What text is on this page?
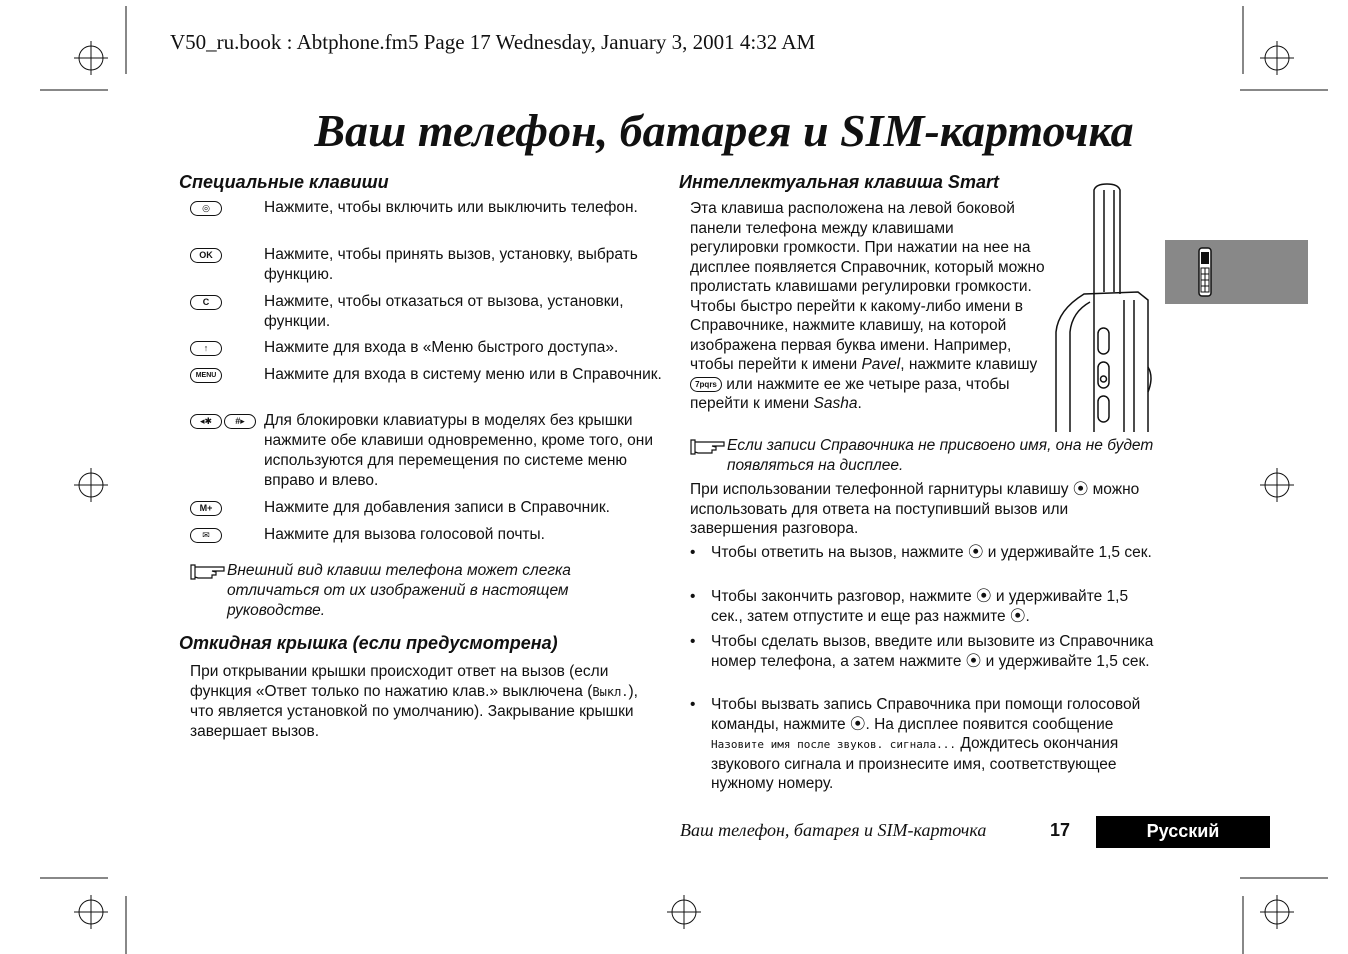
V50_ru.book : Abtphone.fm5 Page 17 Wednesday, January 3, 2001 4:32 AM
Ваш телефон, батарея и SIM-карточка
Специальные клавиши
◎	Нажмите, чтобы включить или выключить телефон.
OK	Нажмите, чтобы принять вызов, установку, выбрать функцию.
C	Нажмите, чтобы отказаться от вызова, установки, функции.
↑	Нажмите для входа в «Меню быстрого доступа».
MENU	Нажмите для входа в систему меню или в Справочник.
◂✱	#▸	Для блокировки клавиатуры в моделях без крышки нажмите обе клавиши одновременно, кроме того, они используются для перемещения по системе меню вправо и влево.
M+	Нажмите для добавления записи в Справочник.
✉	Нажмите для вызова голосовой почты.
Внешний вид клавиш телефона может слегка отличаться от их изображений в настоящем руководстве.
Откидная крышка (если предусмотрена)
При открывании крышки происходит ответ на вызов (если функция «Ответ только по нажатию клав.» выключена (Выкл.), что является установкой по умолчанию). Закрывание крышки завершает вызов.
Интеллектуальная клавиша Smart
Эта клавиша расположена на левой боковой панели телефона между клавишами регулировки громкости. При нажатии на нее на дисплее появляется Справочник, который можно пролистать клавишами регулировки громкости. Чтобы быстро перейти к какому-либо имени в Справочнике, нажмите клавишу, на которой изображена первая буква имени. Например, чтобы перейти к имени Pavel, нажмите клавишу 7pqrs или нажмите ее же четыре раза, чтобы перейти к имени Sasha.
Если записи Справочника не присвоено имя, она не будет появляться на дисплее.
При использовании телефонной гарнитуры клавишу ⦿ можно использовать для ответа на поступивший вызов или завершения разговора.
• Чтобы ответить на вызов, нажмите ⦿ и удерживайте 1,5 сек.
• Чтобы закончить разговор, нажмите ⦿ и удерживайте 1,5 сек., затем отпустите и еще раз нажмите ⦿.
• Чтобы сделать вызов, введите или вызовите из Справочника номер телефона, а затем нажмите ⦿ и удерживайте 1,5 сек.
• Чтобы вызвать запись Справочника при помощи голосовой команды, нажмите ⦿. На дисплее появится сообщение Назовите имя после звуков. сигнала... Дождитесь окончания звукового сигнала и произнесите имя, соответствующее нужному номеру.
Ваш телефон, батарея и SIM-карточка	17	Русский
